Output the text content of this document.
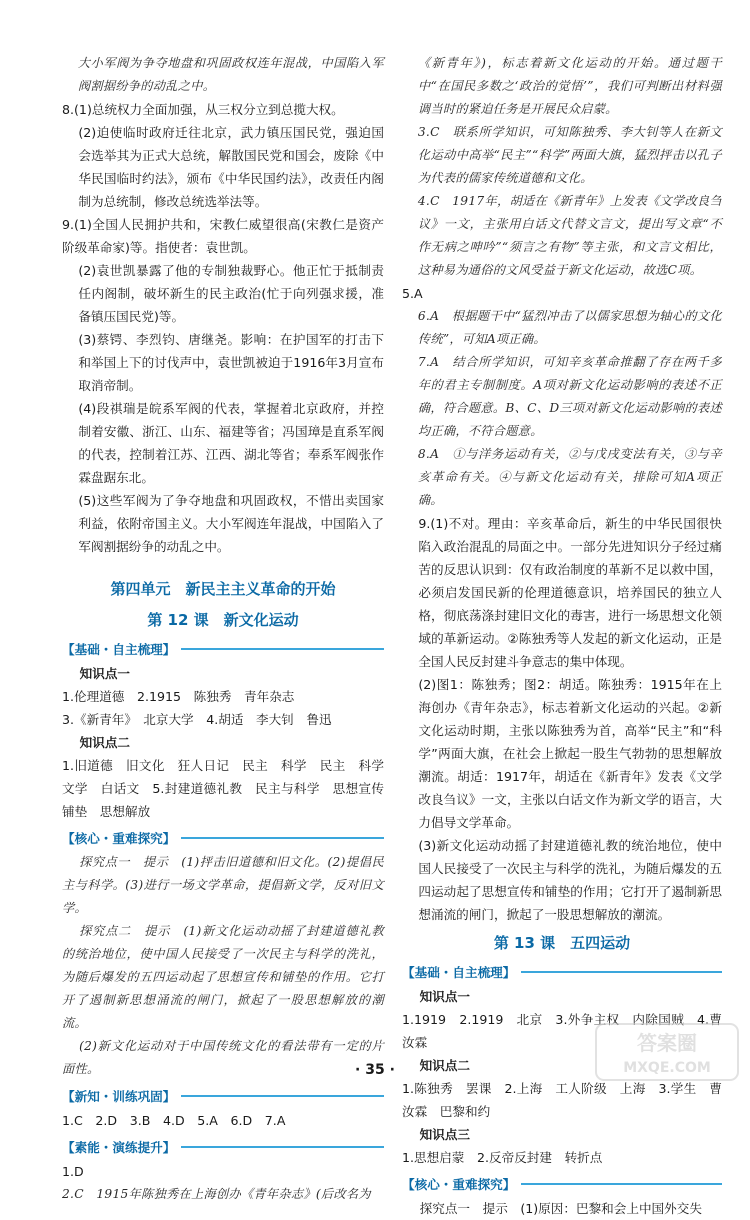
大小军阀为争夺地盘和巩固政权连年混战，中国陷入军阀割据纷争的动乱之中。

8.(1)总统权力全面加强，从三权分立到总揽大权。

(2)迫使临时政府迁往北京，武力镇压国民党，强迫国会选举其为正式大总统，解散国民党和国会，废除《中华民国临时约法》，颁布《中华民国约法》，改责任内阁制为总统制，修改总统选举法等。

9.(1)全国人民拥护共和，宋教仁威望很高(宋教仁是资产阶级革命家)等。指使者：袁世凯。

(2)袁世凯暴露了他的专制独裁野心。他正忙于抵制责任内阁制，破坏新生的民主政治(忙于向列强求援，准备镇压国民党)等。

(3)蔡锷、李烈钧、唐继尧。影响：在护国军的打击下和举国上下的讨伐声中，袁世凯被迫于1916年3月宣布取消帝制。

(4)段祺瑞是皖系军阀的代表，掌握着北京政府，并控制着安徽、浙江、山东、福建等省；冯国璋是直系军阀的代表，控制着江苏、江西、湖北等省；奉系军阀张作霖盘踞东北。

(5)这些军阀为了争夺地盘和巩固政权，不惜出卖国家利益，依附帝国主义。大小军阀连年混战，中国陷入了军阀割据纷争的动乱之中。

第四单元　新民主主义革命的开始
第 12 课　新文化运动
【基础・自主梳理】

知识点一

1.伦理道德　2.1915　陈独秀　青年杂志

3.《新青年》　北京大学　4.胡适　李大钊　鲁迅

知识点二

1.旧道德　旧文化　狂人日记　民主　科学　民主　科学　文学　白话文　5.封建道德礼教　民主与科学　思想宣传　铺垫　思想解放

【核心・重难探究】

探究点一　提示　(1)抨击旧道德和旧文化。(2)提倡民主与科学。(3)进行一场文学革命，提倡新文学，反对旧文学。

探究点二　提示　(1)新文化运动动摇了封建道德礼教的统治地位，使中国人民接受了一次民主与科学的洗礼，为随后爆发的五四运动起了思想宣传和铺垫的作用。它打开了遏制新思想涌流的闸门，掀起了一股思想解放的潮流。

(2)新文化运动对于中国传统文化的看法带有一定的片面性。

【新知・训练巩固】

1.C　2.D　3.B　4.D　5.A　6.D　7.A

【素能・演练提升】

1.D

2.C　1915年陈独秀在上海创办《青年杂志》(后改名为

《新青年》)，标志着新文化运动的开始。通过题干中“在国民多数之‘政治的觉悟’”，我们可判断出材料强调当时的紧迫任务是开展民众启蒙。

3.C　联系所学知识，可知陈独秀、李大钊等人在新文化运动中高举“民主”“科学”两面大旗，猛烈抨击以孔子为代表的儒家传统道德和文化。

4.C　1917年，胡适在《新青年》上发表《文学改良刍议》一文，主张用白话文代替文言文，提出写文章“不作无病之呻吟”“须言之有物”等主张，和文言文相比，这种易为通俗的文风受益于新文化运动，故选C项。

5.A

6.A　根据题干中“猛烈冲击了以儒家思想为轴心的文化传统”，可知A项正确。

7.A　结合所学知识，可知辛亥革命推翻了存在两千多年的君主专制制度。A项对新文化运动影响的表述不正确，符合题意。B、C、D三项对新文化运动影响的表述均正确，不符合题意。

8.A　①与洋务运动有关，②与戊戌变法有关，③与辛亥革命有关。④与新文化运动有关，排除可知A项正确。

9.(1)不对。理由：辛亥革命后，新生的中华民国很快陷入政治混乱的局面之中。一部分先进知识分子经过痛苦的反思认识到：仅有政治制度的革新不足以救中国，必须启发国民新的伦理道德意识，培养国民的独立人格，彻底荡涤封建旧文化的毒害，进行一场思想文化领域的革新运动。②陈独秀等人发起的新文化运动，正是全国人民反封建斗争意志的集中体现。

(2)图1：陈独秀；图2：胡适。陈独秀：1915年在上海创办《青年杂志》，标志着新文化运动的兴起。②新文化运动时期，主张以陈独秀为首，高举“民主”和“科学”两面大旗，在社会上掀起一股生气勃勃的思想解放潮流。胡适：1917年，胡适在《新青年》发表《文学改良刍议》一文，主张以白话文作为新文学的语言，大力倡导文学革命。

(3)新文化运动动摇了封建道德礼教的统治地位，使中国人民接受了一次民主与科学的洗礼，为随后爆发的五四运动起了思想宣传和铺垫的作用；它打开了遏制新思想涌流的闸门，掀起了一股思想解放的潮流。

第 13 课　五四运动
【基础・自主梳理】

知识点一

1.1919　2.1919　北京　3.外争主权　内除国贼　4.曹汝霖

知识点二

1.陈独秀　罢课　2.上海　工人阶级　上海　3.学生　曹汝霖　巴黎和约

知识点三

1.思想启蒙　2.反帝反封建　转折点

【核心・重难探究】

探究点一　提示　(1)原因：巴黎和会上中国外交失

答案圈
MXQE.COM
· 35 ·
